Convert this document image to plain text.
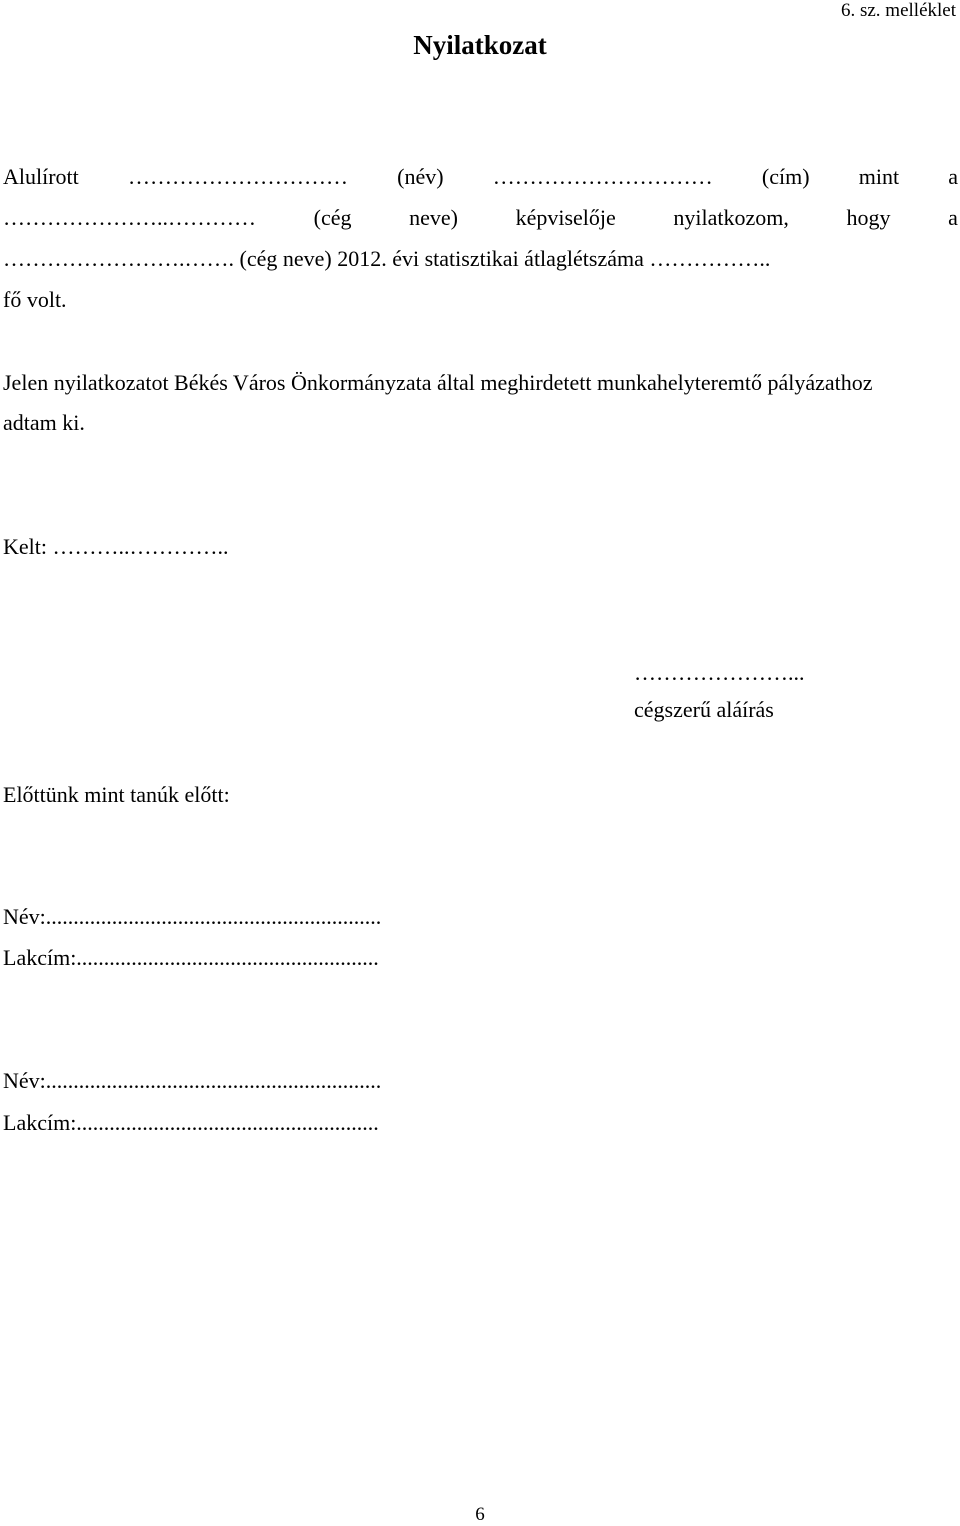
6. sz. melléklet
Nyilatkozat
Alulírott ………………………… (név) ………………………… (cím) mint a
…………………..…………	(cég	neve)	képviselője	nyilatkozom,	hogy	a
…………………….……. (cég neve) 2012. évi statisztikai átlaglétszáma ……………..
fő volt.
Jelen nyilatkozatot Békés Város Önkormányzata által meghirdetett munkahelyteremtő pályázathoz
adtam ki.
Kelt: ………..…………..
…………………...
cégszerű aláírás
Előttünk mint tanúk előtt:
Név:.............................................................
Lakcím:.......................................................
Név:.............................................................
Lakcím:.......................................................
6
